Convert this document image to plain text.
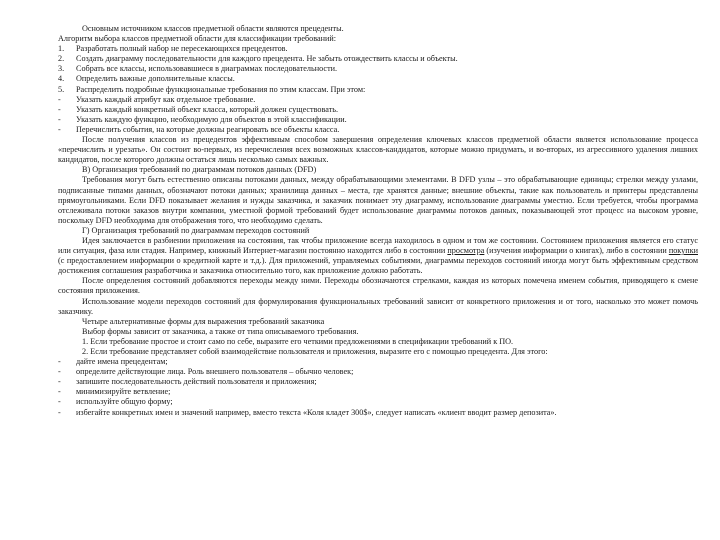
Основным источником классов предметной области являются прецеденты.

Алгоритм выбора классов предметной области для классификации требований:

1.	Разработать полный набор не пересекающихся прецедентов.
2.	Создать диаграмму последовательности для каждого прецедента. Не забыть отождествить классы и объекты.
3.	Собрать все классы, использовавшиеся в диаграммах последовательности.
4.	Определить важные дополнительные классы.
5.	Распределить подробные функциональные требования по этим классам. При этом:
-	Указать каждый атрибут как отдельное требование.
-	Указать каждый конкретный объект класса, который должен существовать.
-	Указать каждую функцию, необходимую для объектов в этой классификации.
-	Перечислить события, на которые должны реагировать все объекты класса.

После получения классов из прецедентов эффективным способом завершения определения ключевых классов предметной области является использование процесса «перечислить и урезать». Он состоит во-первых, из перечисления всех возможных классов-кандидатов, которые можно придумать, и во-вторых, из агрессивного удаления лишних кандидатов, после которого должны остаться лишь несколько самых важных.

В) Организация требований по диаграммам потоков данных (DFD)

Требования могут быть естественно описаны потоками данных, между обрабатывающими элементами. В DFD узлы – это обрабатывающие единицы; стрелки между узлами, подписанные типами данных, обозначают потоки данных; хранилища данных – места, где хранятся данные; внешние объекты, такие как пользователь и принтеры представлены прямоугольниками. Если DFD показывает желания и нужды заказчика, и заказчик понимает эту диаграмму, использование диаграммы уместно. Если требуется, чтобы программа отслеживала потоки заказов внутри компании, уместной формой требований будет использование диаграммы потоков данных, показывающей этот процесс на высоком уровне, поскольку DFD необходима для отображения того, что необходимо сделать.

Г) Организация требований по диаграммам переходов состояний

Идея заключается в разбиении приложения на состояния, так чтобы приложение всегда находилось в одном и том же состоянии. Состоянием приложения является его статус или ситуация, фаза или стадия. Например, книжный Интернет-магазин постоянно находится либо в состоянии просмотра (изучения информации о книгах), либо в состоянии покупки (с предоставлением информации о кредитной карте и т.д.). Для приложений, управляемых событиями, диаграммы переходов состояний иногда могут быть эффективным средством достижения соглашения разработчика и заказчика относительно того, как приложение должно работать.

После определения состояний добавляются переходы между ними. Переходы обозначаются стрелками, каждая из которых помечена именем события, приводящего к смене состояния приложения.

Использование модели переходов состояний для формулирования функциональных требований зависит от конкретного приложения и от того, насколько это может помочь заказчику.

Четыре альтернативные формы для выражения требований заказчика

Выбор формы зависит от заказчика, а также от типа описываемого требования.

1. Если требование простое и стоит само по себе, выразите его четкими предложениями в спецификации требований к ПО.

2. Если требование представляет собой взаимодействие пользователя и приложения, выразите его с помощью прецедента. Для этого:

-	дайте имена прецедентам;
-	определите действующие лица. Роль внешнего пользователя – обычно человек;
-	запишите последовательность действий пользователя и приложения;
-	минимизируйте ветвление;
-	используйте общую форму;
-	избегайте конкретных имен и значений например, вместо текста «Коля кладет 300$», следует написать «клиент вводит размер депозита».
